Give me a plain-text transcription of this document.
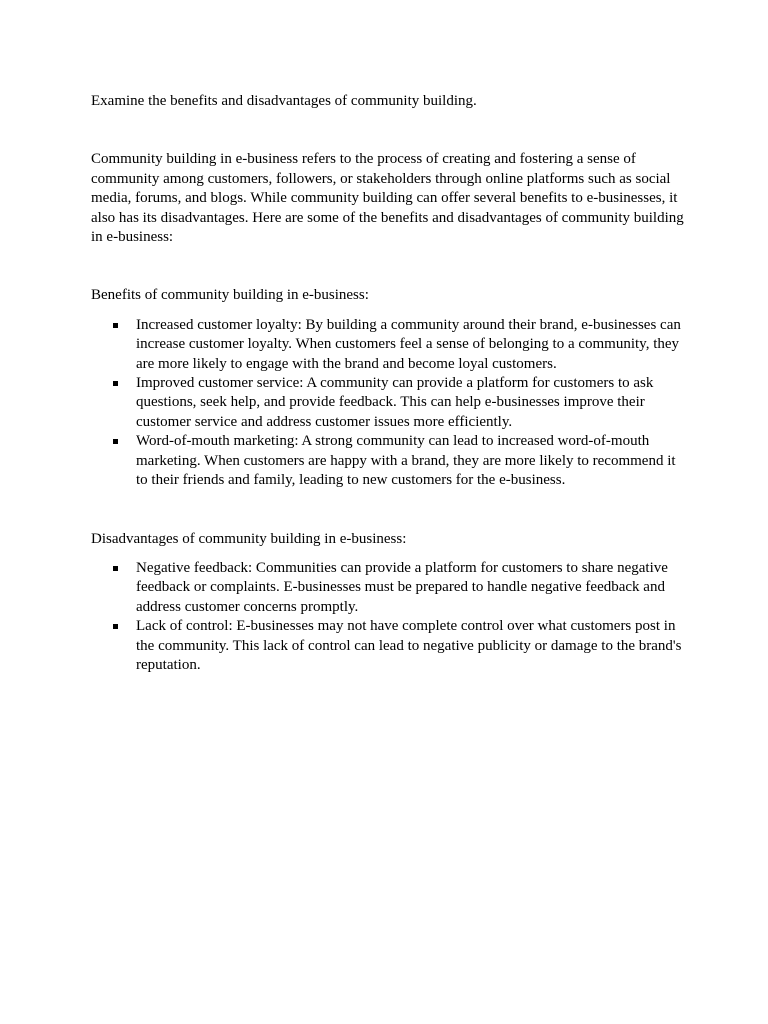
Examine the benefits and disadvantages of community building.

Community building in e-business refers to the process of creating and fostering a sense of community among customers, followers, or stakeholders through online platforms such as social media, forums, and blogs. While community building can offer several benefits to e-businesses, it also has its disadvantages. Here are some of the benefits and disadvantages of community building in e-business:

Benefits of community building in e-business:

Increased customer loyalty: By building a community around their brand, e-businesses can increase customer loyalty. When customers feel a sense of belonging to a community, they are more likely to engage with the brand and become loyal customers.
Improved customer service: A community can provide a platform for customers to ask questions, seek help, and provide feedback. This can help e-businesses improve their customer service and address customer issues more efficiently.
Word-of-mouth marketing: A strong community can lead to increased word-of-mouth marketing. When customers are happy with a brand, they are more likely to recommend it to their friends and family, leading to new customers for the e-business.

Disadvantages of community building in e-business:

Negative feedback: Communities can provide a platform for customers to share negative feedback or complaints. E-businesses must be prepared to handle negative feedback and address customer concerns promptly.
Lack of control: E-businesses may not have complete control over what customers post in the community. This lack of control can lead to negative publicity or damage to the brand's reputation.
